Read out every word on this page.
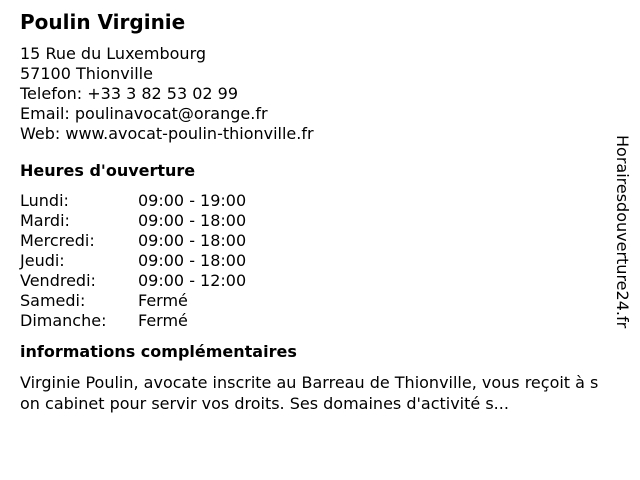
Poulin Virginie
15 Rue du Luxembourg
57100 Thionville
Telefon: +33 3 82 53 02 99
Email: poulinavocat@orange.fr
Web: www.avocat-poulin-thionville.fr
Heures d'ouverture
Lundi:	09:00 - 19:00
Mardi:	09:00 - 18:00
Mercredi:	09:00 - 18:00
Jeudi:	09:00 - 18:00
Vendredi:	09:00 - 12:00
Samedi:	Fermé
Dimanche:	Fermé
informations complémentaires
Virginie Poulin, avocate inscrite au Barreau de Thionville, vous reçoit à son cabinet pour servir vos droits. Ses domaines d'activité s...
Horairesdouverture24.fr
